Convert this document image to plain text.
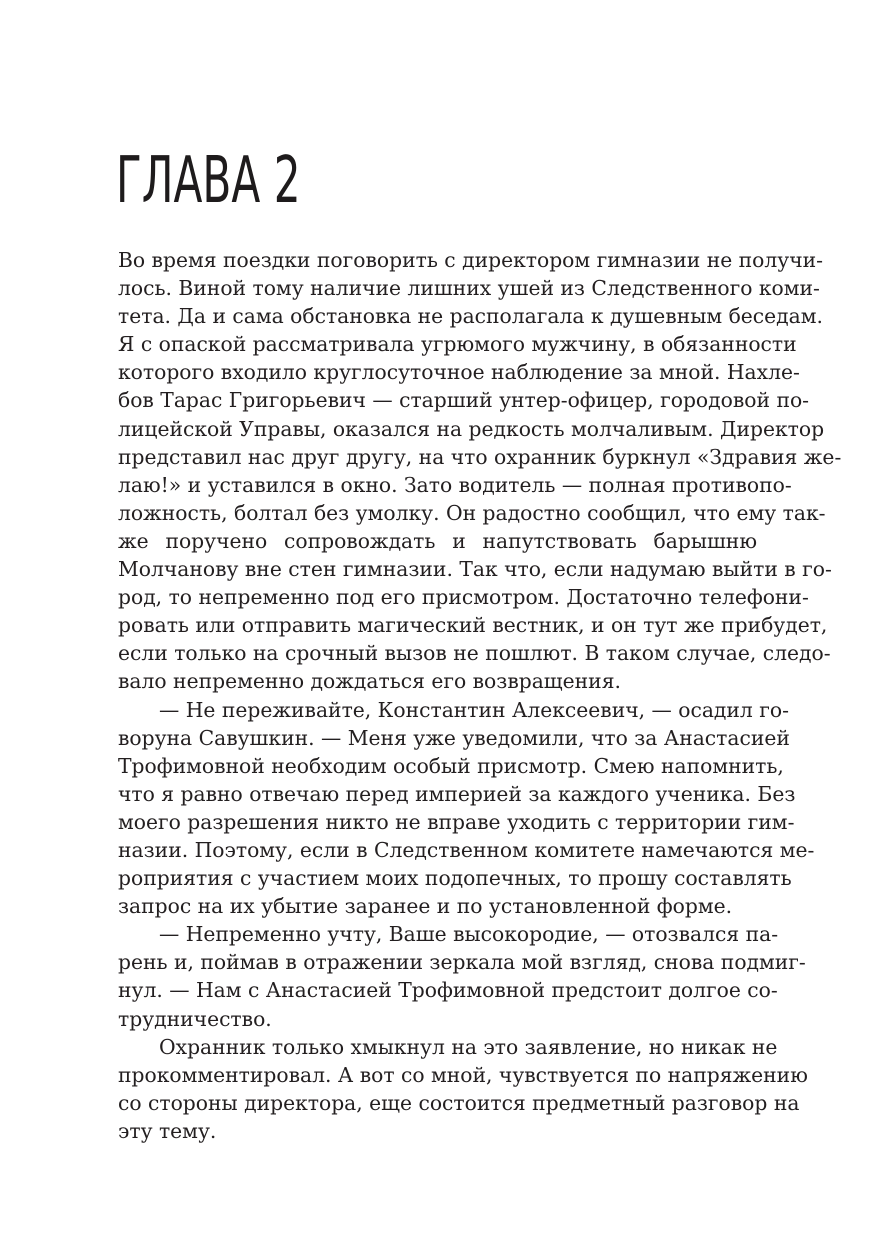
ГЛАВА 2
Во время поездки поговорить с директором гимназии не получи-
лось. Виной тому наличие лишних ушей из Следственного коми-
тета. Да и сама обстановка не располагала к душевным беседам.
Я с опаской рассматривала угрюмого мужчину, в обязанности
которого входило круглосуточное наблюдение за мной. Нахле-
бов Тарас Григорьевич — старший унтер-офицер, городовой по-
лицейской Управы, оказался на редкость молчаливым. Директор
представил нас друг другу, на что охранник буркнул «Здравия же-
лаю!» и уставился в окно. Зато водитель — полная противопо-
ложность, болтал без умолку. Он радостно сообщил, что ему так-
же поручено сопровождать и напутствовать барышню
Молчанову вне стен гимназии. Так что, если надумаю выйти в го-
род, то непременно под его присмотром. Достаточно телефони-
ровать или отправить магический вестник, и он тут же прибудет,
если только на срочный вызов не пошлют. В таком случае, следо-
вало непременно дождаться его возвращения.
— Не переживайте, Константин Алексеевич, — осадил го-
воруна Савушкин. — Меня уже уведомили, что за Анастасией
Трофимовной необходим особый присмотр. Смею напомнить,
что я равно отвечаю перед империей за каждого ученика. Без
моего разрешения никто не вправе уходить с территории гим-
назии. Поэтому, если в Следственном комитете намечаются ме-
роприятия с участием моих подопечных, то прошу составлять
запрос на их убытие заранее и по установленной форме.
— Непременно учту, Ваше высокородие, — отозвался па-
рень и, поймав в отражении зеркала мой взгляд, снова подмиг-
нул. — Нам с Анастасией Трофимовной предстоит долгое со-
трудничество.
Охранник только хмыкнул на это заявление, но никак не
прокомментировал. А вот со мной, чувствуется по напряжению
со стороны директора, еще состоится предметный разговор на
эту тему.
